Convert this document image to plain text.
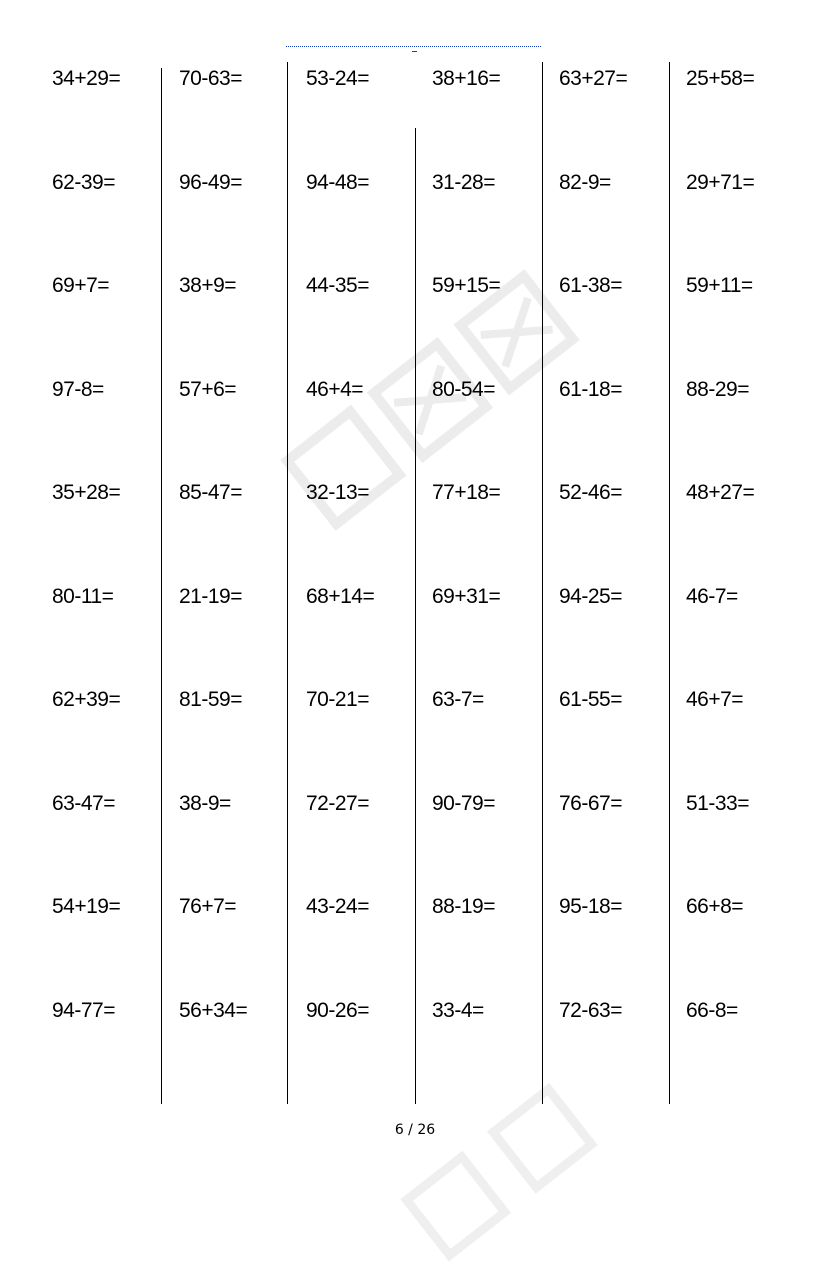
34+29=
62-39=
69+7=
97-8=
35+28=
80-11=
62+39=
63-47=
54+19=
94-77=
70-63=
96-49=
38+9=
57+6=
85-47=
21-19=
81-59=
38-9=
76+7=
56+34=
53-24=
94-48=
44-35=
46+4=
32-13=
68+14=
70-21=
72-27=
43-24=
90-26=
38+16=
31-28=
59+15=
80-54=
77+18=
69+31=
63-7=
90-79=
88-19=
33-4=
63+27=
82-9=
61-38=
61-18=
52-46=
94-25=
61-55=
76-67=
95-18=
72-63=
25+58=
29+71=
59+11=
88-29=
48+27=
46-7=
46+7=
51-33=
66+8=
66-8=
6 / 26
